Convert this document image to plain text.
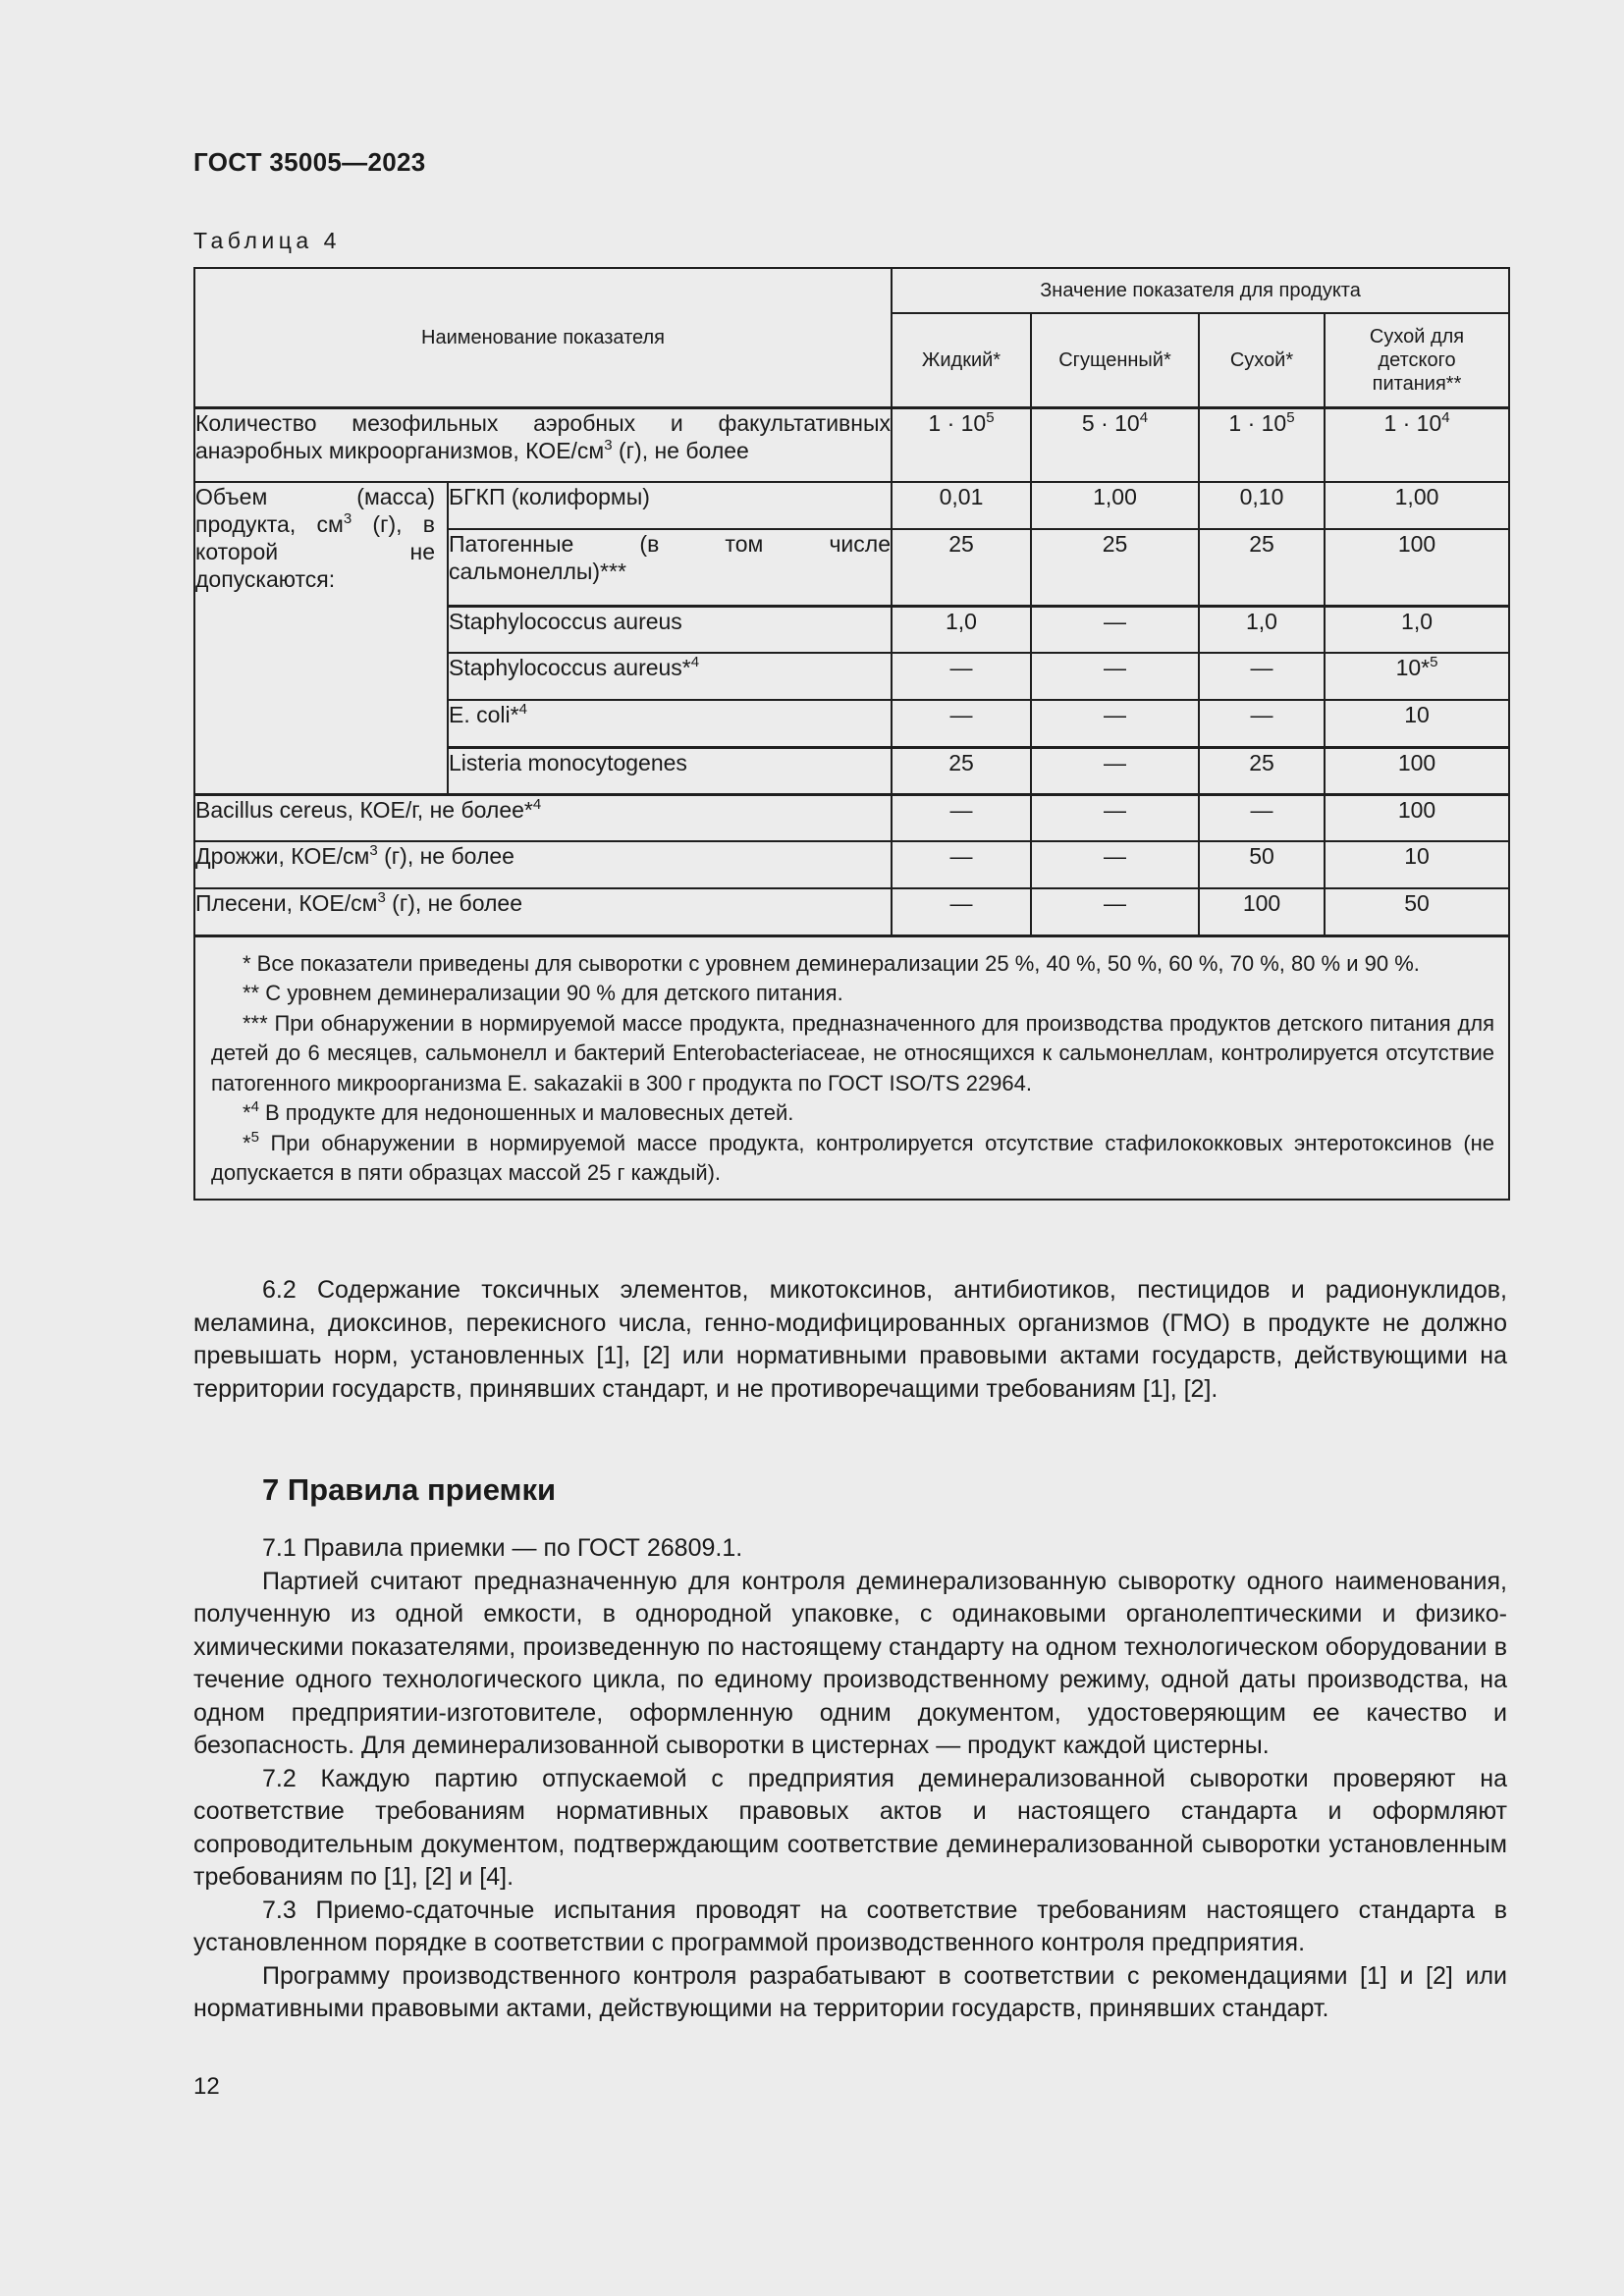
ГОСТ 35005—2023
Таблица 4
Наименование показателя		Значение показателя для продукта			
		Жидкий*	Сгущенный*	Сухой*	Сухой для детского питания**
Количество мезофильных аэробных и факультативных анаэробных микроорганизмов, КОЕ/$см^3$ (г), не более		$1 \cdot 10^5$	$5 \cdot 10^4$	$1 \cdot 10^5$	$1 \cdot 10^4$
Объем (масса) продукта, $см^3$ (г), в которой не допускаются:	БГКП (колиформы)	0,01	1,00	0,10	1,00
	Патогенные (в том числе сальмонеллы)***	25	25	25	100
	Staphylococcus aureus	1,0	—	1,0	1,0
	Staphylococcus aureus*$^4$	—	—	—	10*$^5$
	E. coli*$^4$	—	—	—	10
	Listeria monocytogenes	25	—	25	100
Bacillus cereus, КОЕ/г, не более*$^4$		—	—	—	100
Дрожжи, КОЕ/$см^3$ (г), не более		—	—	50	10
Плесени, КОЕ/$см^3$ (г), не более		—	—	100	50

* Все показатели приведены для сыворотки с уровнем деминерализации 25 %, 40 %, 50 %, 60 %, 70 %, 80 % и 90 %.
** С уровнем деминерализации 90 % для детского питания.
*** При обнаружении в нормируемой массе продукта, предназначенного для производства продуктов детского питания для детей до 6 месяцев, сальмонелл и бактерий Enterobacteriaceae, не относящихся к сальмонеллам, контролируется отсутствие патогенного микроорганизма E. sakazakii в 300 г продукта по ГОСТ ISO/TS 22964.
*$^4$ В продукте для недоношенных и маловесных детей.
*$^5$ При обнаружении в нормируемой массе продукта, контролируется отсутствие стафилококковых энтеротоксинов (не допускается в пяти образцах массой 25 г каждый).					

6.2 Содержание токсичных элементов, микотоксинов, антибиотиков, пестицидов и радионуклидов, меламина, диоксинов, перекисного числа, генно-модифицированных организмов (ГМО) в продукте не должно превышать норм, установленных [1], [2] или нормативными правовыми актами государств, действующими на территории государств, принявших стандарт, и не противоречащими требованиям [1], [2].

7 Правила приемки

7.1 Правила приемки — по ГОСТ 26809.1.

Партией считают предназначенную для контроля деминерализованную сыворотку одного наименования, полученную из одной емкости, в однородной упаковке, с одинаковыми органолептическими и физико-химическими показателями, произведенную по настоящему стандарту на одном технологическом оборудовании в течение одного технологического цикла, по единому производственному режиму, одной даты производства, на одном предприятии-изготовителе, оформленную одним документом, удостоверяющим ее качество и безопасность. Для деминерализованной сыворотки в цистернах — продукт каждой цистерны.

7.2 Каждую партию отпускаемой с предприятия деминерализованной сыворотки проверяют на соответствие требованиям нормативных правовых актов и настоящего стандарта и оформляют сопроводительным документом, подтверждающим соответствие деминерализованной сыворотки установленным требованиям по [1], [2] и [4].

7.3 Приемо-сдаточные испытания проводят на соответствие требованиям настоящего стандарта в установленном порядке в соответствии с программой производственного контроля предприятия.

Программу производственного контроля разрабатывают в соответствии с рекомендациями [1] и [2] или нормативными правовыми актами, действующими на территории государств, принявших стандарт.

12
